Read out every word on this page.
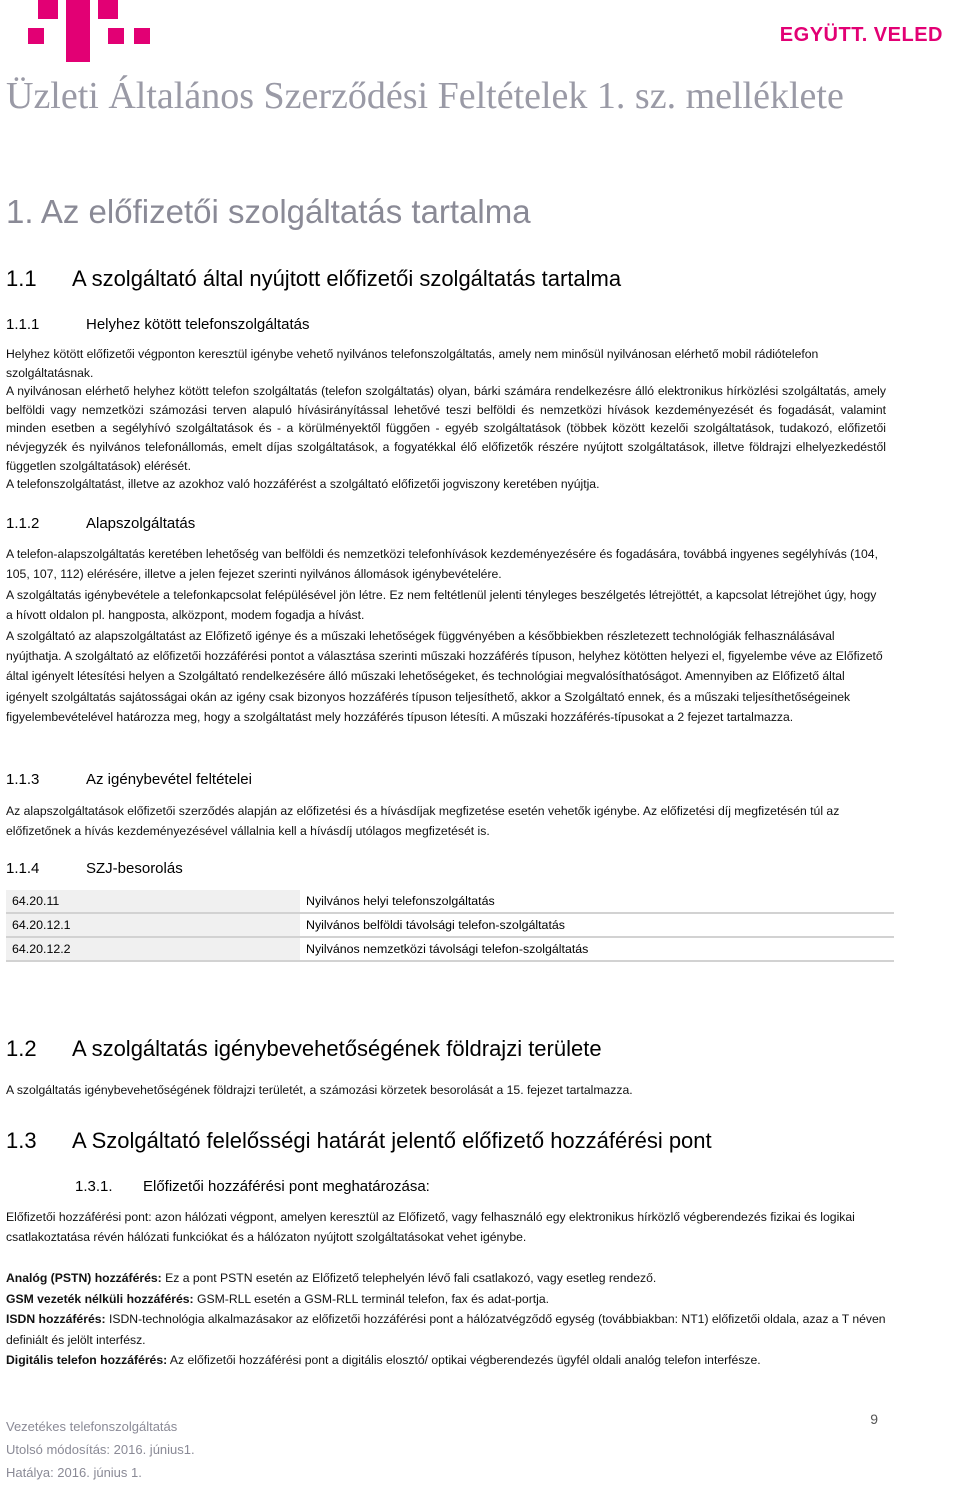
EGYÜTT. VELED
Üzleti Általános Szerződési Feltételek 1. sz. melléklete
1. Az előfizetői szolgáltatás tartalma
1.1 A szolgáltató által nyújtott előfizetői szolgáltatás tartalma
1.1.1	Helyhez kötött telefonszolgáltatás

Helyhez kötött előfizetői végponton keresztül igénybe vehető nyilvános telefonszolgáltatás, amely nem minősül nyilvánosan elérhető mobil rádiótelefon szolgáltatásnak.

A nyilvánosan elérhető helyhez kötött telefon szolgáltatás (telefon szolgáltatás) olyan, bárki számára rendelkezésre álló elektronikus hírközlési szolgáltatás, amely belföldi vagy nemzetközi számozási terven alapuló hívásirányítással lehetővé teszi belföldi és nemzetközi hívások kezdeményezését és fogadását, valamint minden esetben a segélyhívó szolgáltatások és - a körülményektől függően - egyéb szolgáltatások (többek között kezelői szolgáltatások, tudakozó, előfizetői névjegyzék és nyilvános telefonállomás, emelt díjas szolgáltatások, a fogyatékkal élő előfizetők részére nyújtott szolgáltatások, illetve földrajzi elhelyezkedéstől független szolgáltatások) elérését.

A telefonszolgáltatást, illetve az azokhoz való hozzáférést a szolgáltató előfizetői jogviszony keretében nyújtja.

1.1.2	Alapszolgáltatás

A telefon-alapszolgáltatás keretében lehetőség van belföldi és nemzetközi telefonhívások kezdeményezésére és fogadására, továbbá ingyenes segélyhívás (104, 105, 107, 112) elérésére, illetve a jelen fejezet szerinti nyilvános állomások igénybevételére.

A szolgáltatás igénybevétele a telefonkapcsolat felépülésével jön létre. Ez nem feltétlenül jelenti tényleges beszélgetés létrejöttét, a kapcsolat létrejöhet úgy, hogy a hívott oldalon pl. hangposta, alközpont, modem fogadja a hívást.

A szolgáltató az alapszolgáltatást az Előfizető igénye és a műszaki lehetőségek függvényében a későbbiekben részletezett technológiák felhasználásával nyújthatja. A szolgáltató az előfizetői hozzáférési pontot a választása szerinti műszaki hozzáférés típuson, helyhez kötötten helyezi el, figyelembe véve az Előfizető által igényelt létesítési helyen a Szolgáltató rendelkezésére álló műszaki lehetőségeket, és technológiai megvalósíthatóságot. Amennyiben az Előfizető által igényelt szolgáltatás sajátosságai okán az igény csak bizonyos hozzáférés típuson teljesíthető, akkor a Szolgáltató ennek, és a műszaki teljesíthetőségeinek figyelembevételével határozza meg, hogy a szolgáltatást mely hozzáférés típuson létesíti. A műszaki hozzáférés-típusokat a 2 fejezet tartalmazza.

1.1.3	Az igénybevétel feltételei

Az alapszolgáltatások előfizetői szerződés alapján az előfizetési és a hívásdíjak megfizetése esetén vehetők igénybe. Az előfizetési díj megfizetésén túl az előfizetőnek a hívás kezdeményezésével vállalnia kell a hívásdíj utólagos megfizetését is.

1.1.4	SZJ-besorolás
64.20.11	Nyilvános helyi telefonszolgáltatás
64.20.12.1	Nyilvános belföldi távolsági telefon-szolgáltatás
64.20.12.2	Nyilvános nemzetközi távolsági telefon-szolgáltatás
1.2 A szolgáltatás igénybevehetőségének földrajzi területe

A szolgáltatás igénybevehetőségének földrajzi területét, a számozási körzetek besorolását a 15. fejezet tartalmazza.

1.3 A Szolgáltató felelősségi határát jelentő előfizető hozzáférési pont
1.3.1. Előfizetői hozzáférési pont meghatározása:

Előfizetői hozzáférési pont: azon hálózati végpont, amelyen keresztül az Előfizető, vagy felhasználó egy elektronikus hírközlő végberendezés fizikai és logikai csatlakoztatása révén hálózati funkciókat és a hálózaton nyújtott szolgáltatásokat vehet igénybe.

Analóg (PSTN) hozzáférés: Ez a pont PSTN esetén az Előfizető telephelyén lévő fali csatlakozó, vagy esetleg rendező.

GSM vezeték nélküli hozzáférés: GSM-RLL esetén a GSM-RLL terminál telefon, fax és adat-portja.

ISDN hozzáférés: ISDN-technológia alkalmazásakor az előfizetői hozzáférési pont a hálózatvégződő egység (továbbiakban: NT1) előfizetői oldala, azaz a T néven definiált és jelölt interfész.

Digitális telefon hozzáférés: Az előfizetői hozzáférési pont a digitális elosztó/ optikai végberendezés ügyfél oldali analóg telefon interfésze.

9
Vezetékes telefonszolgáltatás
Utolsó módosítás: 2016. június1.
Hatálya: 2016. június 1.
